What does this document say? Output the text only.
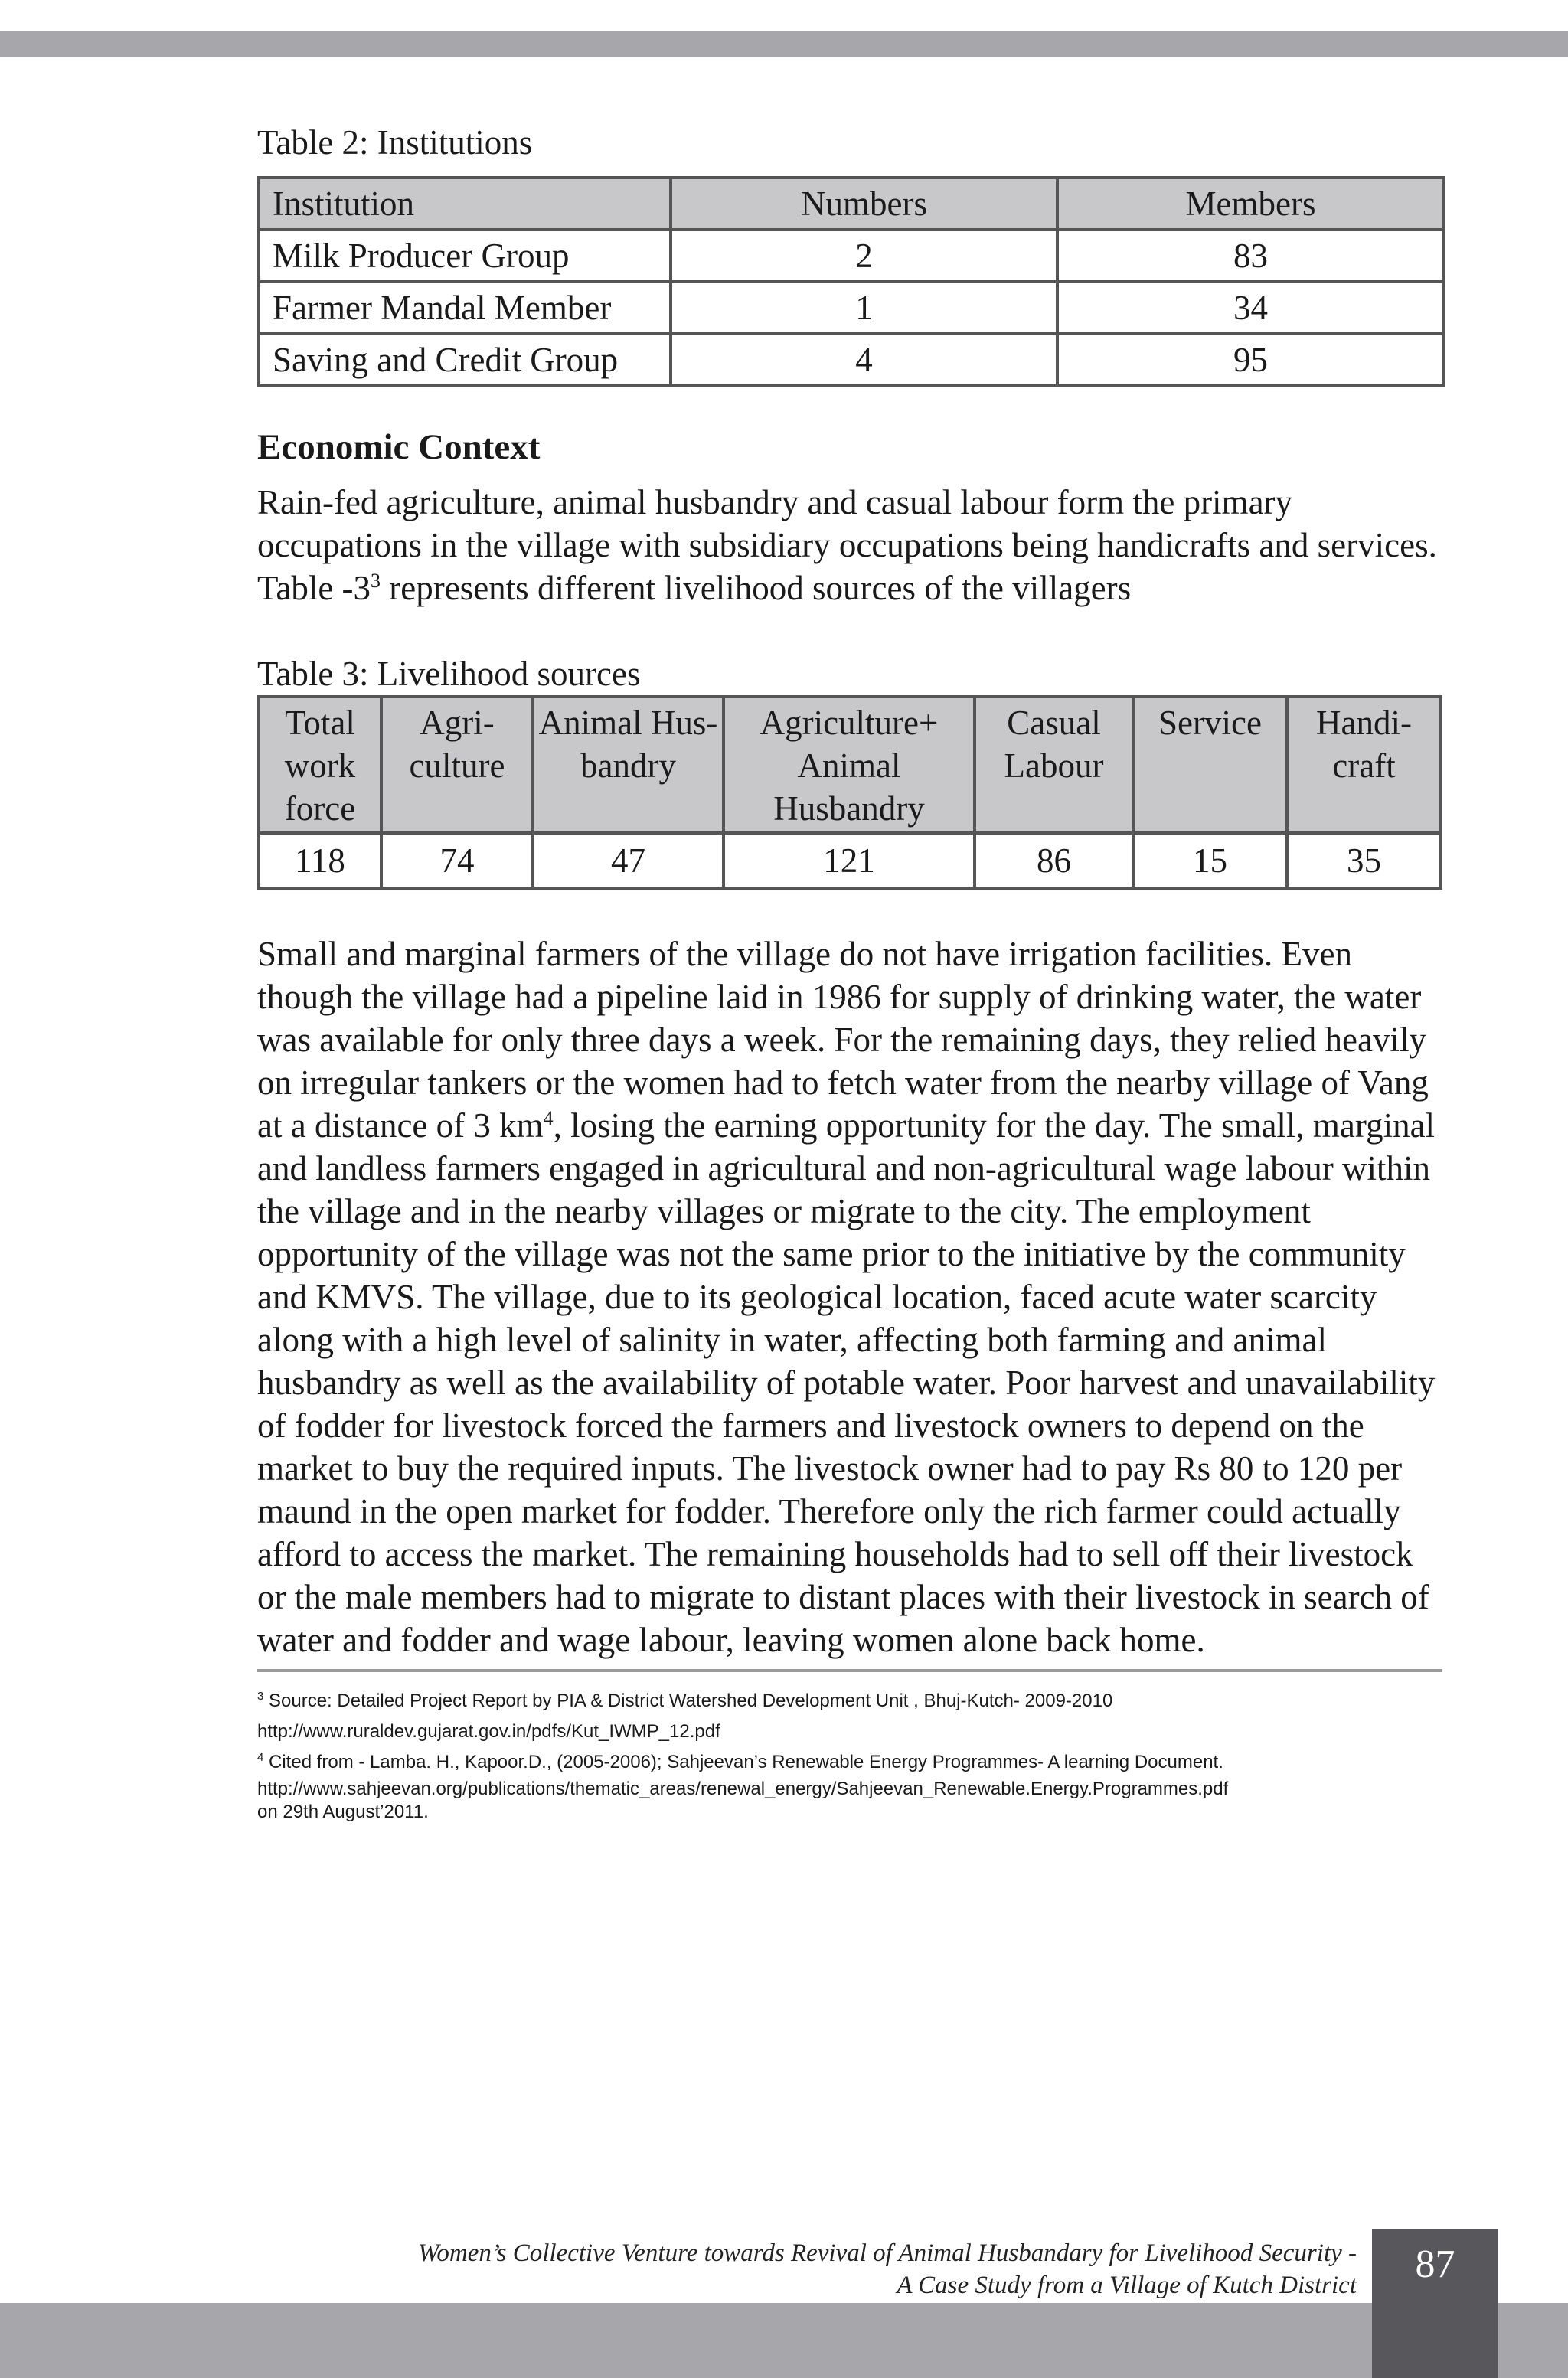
Table 2: Institutions

Institution	Numbers	Members
Milk Producer Group	2	83
Farmer Mandal Member	1	34
Saving and Credit Group	4	95
Economic Context

Rain-fed agriculture, animal husbandry and casual labour form the primary occupations in the village with subsidiary occupations being handicrafts and services. Table $-3^3$ represents different livelihood sources of the villagers

Table 3: Livelihood sources

Total work force	Agri- culture	Animal Hus- bandry	Agriculture+ Animal Husbandry	Casual Labour	Service	Handi- craft
118	74	47	121	86	15	35

Small and marginal farmers of the village do not have irrigation facilities. Even though the village had a pipeline laid in 1986 for supply of drinking water, the water was available for only three days a week. For the remaining days, they relied heavily on irregular tankers or the women had to fetch water from the nearby village of Vang at a distance of 3 $km^4$, losing the earning opportunity for the day. The small, marginal and landless farmers engaged in agricultural and non-agricultural wage labour within the village and in the nearby villages or migrate to the city. The employment opportunity of the village was not the same prior to the initiative by the community and KMVS. The village, due to its geological location, faced acute water scarcity along with a high level of salinity in water, affecting both farming and animal husbandry as well as the availability of potable water. Poor harvest and unavailability of fodder for livestock forced the farmers and livestock owners to depend on the market to buy the required inputs. The livestock owner had to pay Rs 80 to 120 per maund in the open market for fodder. Therefore only the rich farmer could actually afford to access the market. The remaining households had to sell off their livestock or the male members had to migrate to distant places with their livestock in search of water and fodder and wage labour, leaving women alone back home.

$^3$ Source: Detailed Project Report by PIA & District Watershed Development Unit , Bhuj-Kutch- 2009-2010

http://www.ruraldev.gujarat.gov.in/pdfs/Kut_IWMP_12.pdf

$^4$ Cited from - Lamba. H., Kapoor.D., (2005-2006); Sahjeevan’s Renewable Energy Programmes- A learning Document.

http://www.sahjeevan.org/publications/thematic_areas/renewal_energy/Sahjeevan_Renewable.Energy.Programmes.pdf

on 29th August’2011.

Women’s Collective Venture towards Revival of Animal Husbandary for Livelihood Security -
A Case Study from a Village of Kutch District	87
